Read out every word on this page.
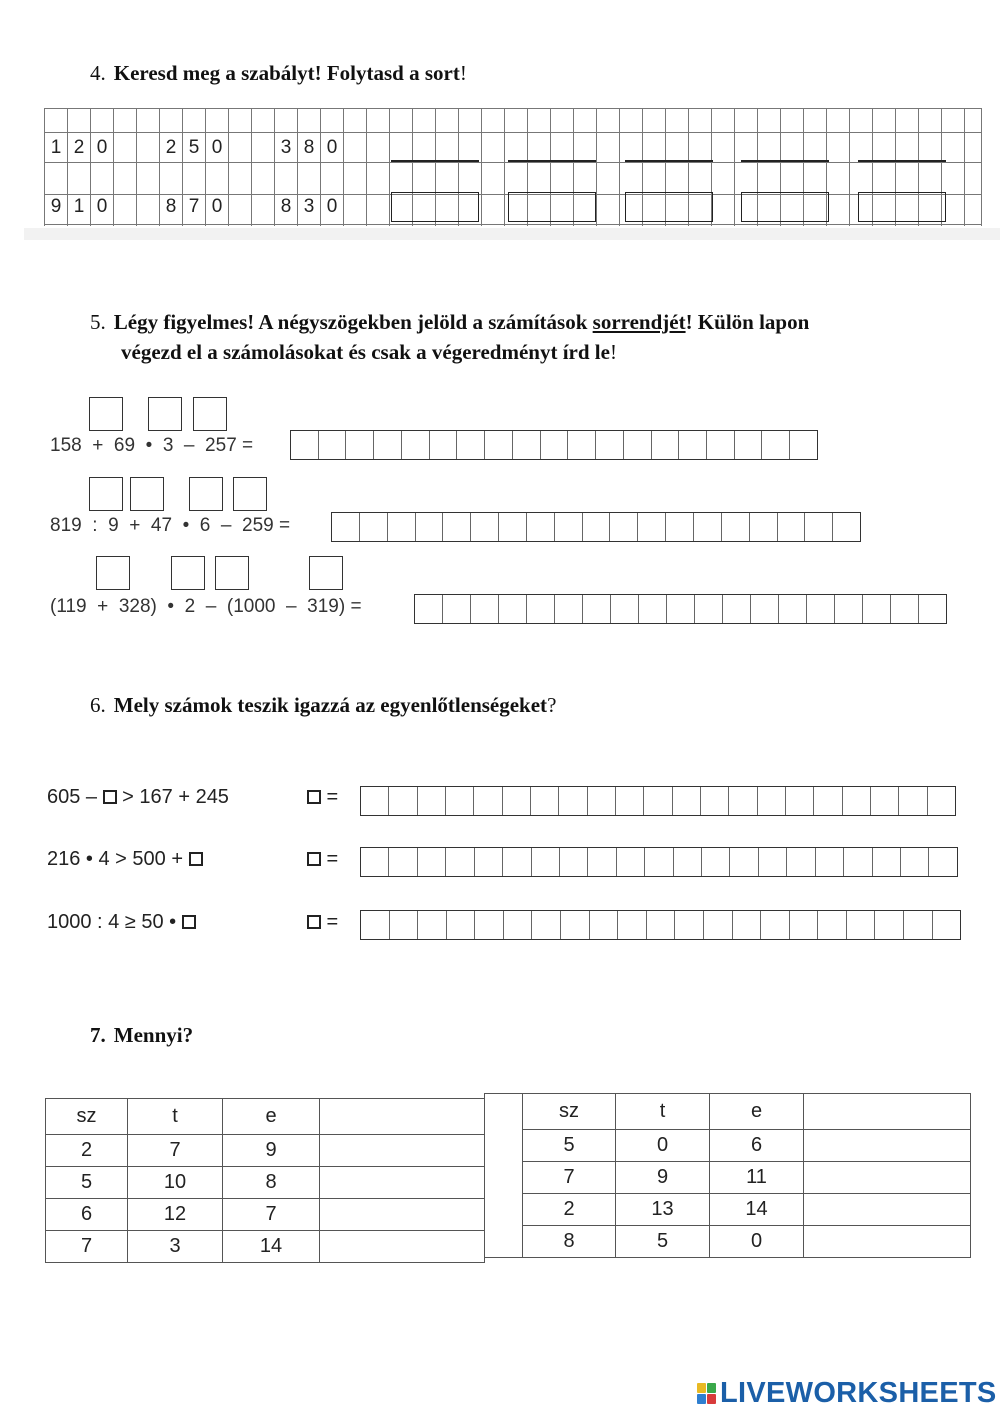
4. Keresd meg a szabályt! Folytasd a sort!
1 2 0	2 5 0	3 8 0
9 1 0	8 7 0	8 3 0
5. Légy figyelmes! A négyszögekben jelöld a számítások sorrendjét! Külön lapon
végezd el a számolásokat és csak a végeredményt írd le!
158  +  69  •  3  –  257 =
819  :  9  +  47  •  6  –  259 =
(119  +  328)  •  2  –  (1000  –  319) =
6. Mely számok teszik igazzá az egyenlőtlenségeket?
605 –  > 167 + 245	=
216 • 4 > 500 +	=
1000 : 4 ≥ 50 •	=
7. Mennyi?
sz	t	e	
2	7	9	
5	10	8	
6	12	7	
7	3	14	
	sz	t	e	
	5	0	6	
	7	9	11	
	2	13	14	
	8	5	0	
LIVEWORKSHEETS
